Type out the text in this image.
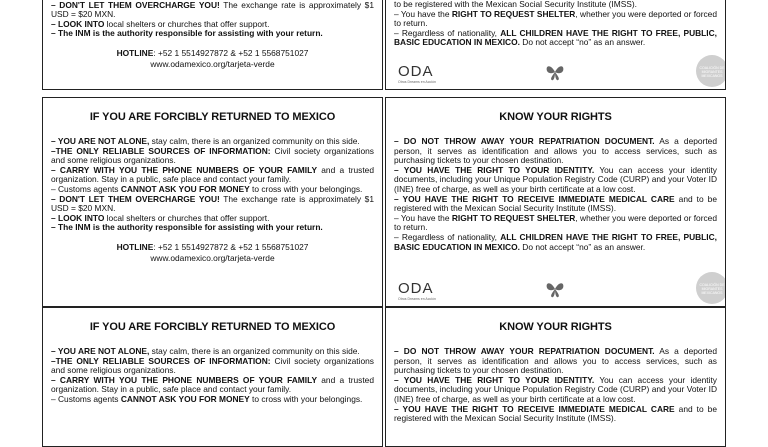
– DON'T LET THEM OVERCHARGE YOU! The exchange rate is approximately $1 USD = $20 MXN.

– LOOK INTO local shelters or churches that offer support.

– The INM is the authority responsible for assisting with your return.

HOTLINE: +52 1 5514927872 & +52 1 5568751027
www.odamexico.org/tarjeta-verde

to be registered with the Mexican Social Security Institute (IMSS).

– You have the RIGHT TO REQUEST SHELTER, whether you were deported or forced to return.

– Regardless of nationality, ALL CHILDREN HAVE THE RIGHT TO FREE, PUBLIC, BASIC EDUCATION IN MEXICO. Do not accept “no” as an answer.

ODA
Otros Dreams en Acción
COALICIÓN DE MIGRANTES MEXICANOS
IF YOU ARE FORCIBLY RETURNED TO MEXICO

– YOU ARE NOT ALONE, stay calm, there is an organized community on this side.

–THE ONLY RELIABLE SOURCES OF INFORMATION: Civil society organizations and some religious organizations.

– CARRY WITH YOU THE PHONE NUMBERS OF YOUR FAMILY and a trusted organization. Stay in a public, safe place and contact your family.

– Customs agents CANNOT ASK YOU FOR MONEY to cross with your belongings.

– DON'T LET THEM OVERCHARGE YOU! The exchange rate is approximately $1 USD = $20 MXN.

– LOOK INTO local shelters or churches that offer support.

– The INM is the authority responsible for assisting with your return.

HOTLINE: +52 1 5514927872 & +52 1 5568751027
www.odamexico.org/tarjeta-verde
KNOW YOUR RIGHTS

– DO NOT THROW AWAY YOUR REPATRIATION DOCUMENT. As a deported person, it serves as identification and allows you to access services, such as purchasing tickets to your chosen destination.

– YOU HAVE THE RIGHT TO YOUR IDENTITY. You can access your identity documents, including your Unique Population Registry Code (CURP) and your Voter ID (INE) free of charge, as well as your birth certificate at a low cost.

– YOU HAVE THE RIGHT TO RECEIVE IMMEDIATE MEDICAL CARE and to be registered with the Mexican Social Security Institute (IMSS).

– You have the RIGHT TO REQUEST SHELTER, whether you were deported or forced to return.

– Regardless of nationality, ALL CHILDREN HAVE THE RIGHT TO FREE, PUBLIC, BASIC EDUCATION IN MEXICO. Do not accept “no” as an answer.

ODA
Otros Dreams en Acción
COALICIÓN DE MIGRANTES MEXICANOS
IF YOU ARE FORCIBLY RETURNED TO MEXICO

– YOU ARE NOT ALONE, stay calm, there is an organized community on this side.

–THE ONLY RELIABLE SOURCES OF INFORMATION: Civil society organizations and some religious organizations.

– CARRY WITH YOU THE PHONE NUMBERS OF YOUR FAMILY and a trusted organization. Stay in a public, safe place and contact your family.

– Customs agents CANNOT ASK YOU FOR MONEY to cross with your belongings.

KNOW YOUR RIGHTS

– DO NOT THROW AWAY YOUR REPATRIATION DOCUMENT. As a deported person, it serves as identification and allows you to access services, such as purchasing tickets to your chosen destination.

– YOU HAVE THE RIGHT TO YOUR IDENTITY. You can access your identity documents, including your Unique Population Registry Code (CURP) and your Voter ID (INE) free of charge, as well as your birth certificate at a low cost.

– YOU HAVE THE RIGHT TO RECEIVE IMMEDIATE MEDICAL CARE and to be registered with the Mexican Social Security Institute (IMSS).
